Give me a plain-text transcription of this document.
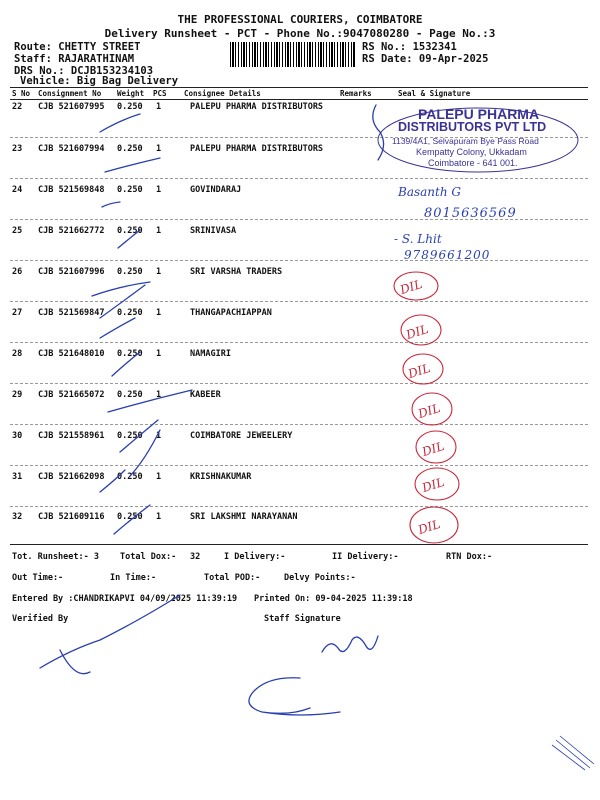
THE PROFESSIONAL COURIERS, COIMBATORE
Delivery Runsheet - PCT - Phone No.:9047080280 - Page No.:3
Route: CHETTY STREET
Staff: RAJARATHINAM
DRS No.: DCJB153234103
Vehicle: Big Bag Delivery
RS No.: 1532341
RS Date: 09-Apr-2025
S No Consignment No Weight PCS Consignee Details	Remarks	Seal & Signature
22 CJB 521607995 0.250 1	PALEPU PHARMA DISTRIBUTORS
23 CJB 521607994 0.250 1	PALEPU PHARMA DISTRIBUTORS
24 CJB 521569848 0.250 1	GOVINDARAJ
25 CJB 521662772 0.250 1	SRINIVASA
26 CJB 521607996 0.250 1	SRI VARSHA TRADERS
27 CJB 521569847 0.250 1	THANGAPACHIAPPAN
28 CJB 521648010 0.250 1	NAMAGIRI
29 CJB 521665072 0.250 1	KABEER
30 CJB 521558961 0.250 1	COIMBATORE JEWEELERY
31 CJB 521662098 0.250 1	KRISHNAKUMAR
32 CJB 521609116 0.250 1	SRI LAKSHMI NARAYANAN
Tot. Runsheet:- 3 Total Dox:- 32	I Delivery:-	II Delivery:-	RTN Dox:-
Out Time:-	In Time:-	Total POD:-	Delvy Points:-
Entered By :CHANDRIKAPVI 04/09/2025 11:39:19 Printed On: 09-04-2025 11:39:18
Verified By	Staff Signature
PALEPU PHARMA
DISTRIBUTORS PVT LTD
1139/4A1, Selvapuram Bye Pass Road
Kempatty Colony, Ukkadam
Coimbatore - 641 001.
Basanth G
8015636569
- S. Lhit
9789661200
DIL
DIL
DIL
DIL
DIL
DIL
DIL
